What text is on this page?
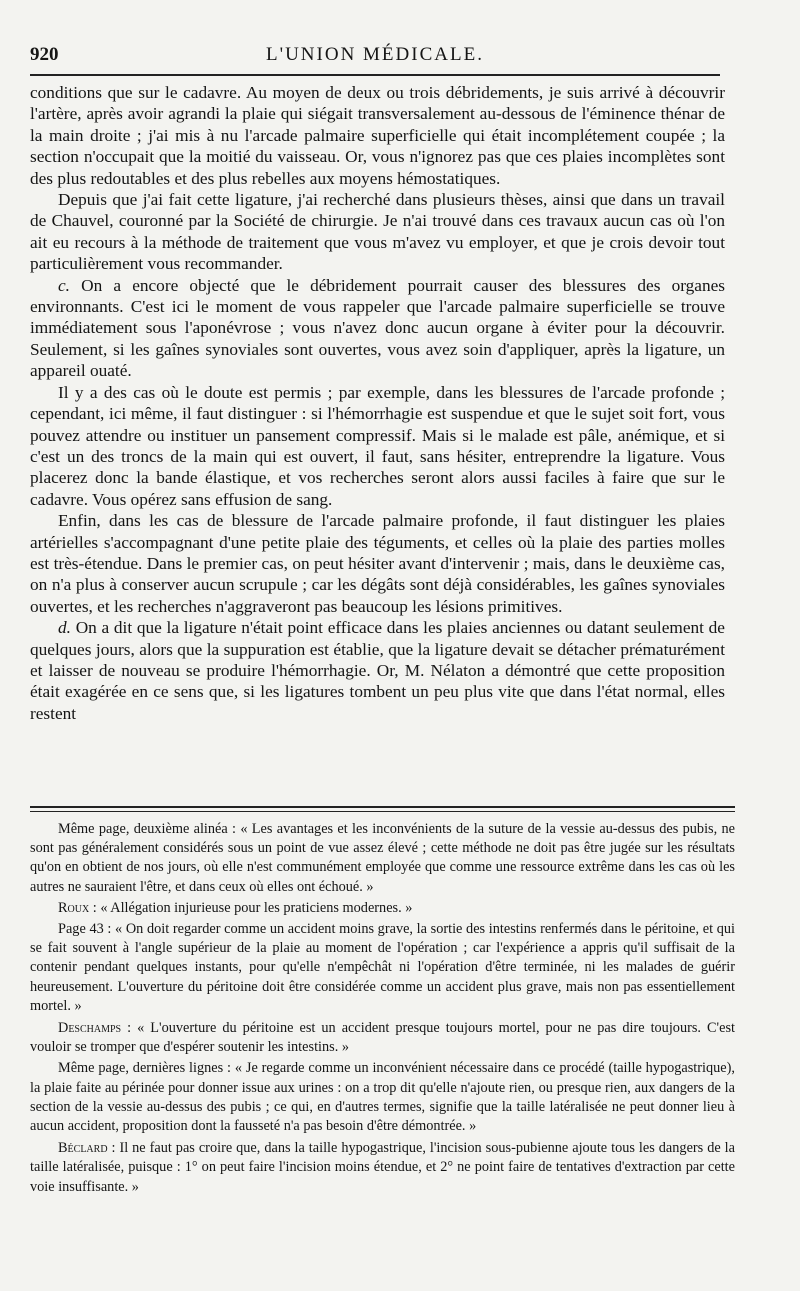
920	L'UNION MÉDICALE.

conditions que sur le cadavre. Au moyen de deux ou trois débridements, je suis arrivé à découvrir l'artère, après avoir agrandi la plaie qui siégait transversalement au-dessous de l'éminence thénar de la main droite ; j'ai mis à nu l'arcade palmaire superficielle qui était incomplétement coupée ; la section n'occupait que la moitié du vaisseau. Or, vous n'ignorez pas que ces plaies incomplètes sont des plus redoutables et des plus rebelles aux moyens hémostatiques.

Depuis que j'ai fait cette ligature, j'ai recherché dans plusieurs thèses, ainsi que dans un travail de Chauvel, couronné par la Société de chirurgie. Je n'ai trouvé dans ces travaux aucun cas où l'on ait eu recours à la méthode de traitement que vous m'avez vu employer, et que je crois devoir tout particulièrement vous recommander.

c. On a encore objecté que le débridement pourrait causer des blessures des organes environnants. C'est ici le moment de vous rappeler que l'arcade palmaire superficielle se trouve immédiatement sous l'aponévrose ; vous n'avez donc aucun organe à éviter pour la découvrir. Seulement, si les gaînes synoviales sont ouvertes, vous avez soin d'appliquer, après la ligature, un appareil ouaté.

Il y a des cas où le doute est permis ; par exemple, dans les blessures de l'arcade profonde ; cependant, ici même, il faut distinguer : si l'hémorrhagie est suspendue et que le sujet soit fort, vous pouvez attendre ou instituer un pansement compressif. Mais si le malade est pâle, anémique, et si c'est un des troncs de la main qui est ouvert, il faut, sans hésiter, entreprendre la ligature. Vous placerez donc la bande élastique, et vos recherches seront alors aussi faciles à faire que sur le cadavre. Vous opérez sans effusion de sang.

Enfin, dans les cas de blessure de l'arcade palmaire profonde, il faut distinguer les plaies artérielles s'accompagnant d'une petite plaie des téguments, et celles où la plaie des parties molles est très-étendue. Dans le premier cas, on peut hésiter avant d'intervenir ; mais, dans le deuxième cas, on n'a plus à conserver aucun scrupule ; car les dégâts sont déjà considérables, les gaînes synoviales ouvertes, et les recherches n'aggraveront pas beaucoup les lésions primitives.

d. On a dit que la ligature n'était point efficace dans les plaies anciennes ou datant seulement de quelques jours, alors que la suppuration est établie, que la ligature devait se détacher prématurément et laisser de nouveau se produire l'hémorrhagie. Or, M. Nélaton a démontré que cette proposition était exagérée en ce sens que, si les ligatures tombent un peu plus vite que dans l'état normal, elles restent

Même page, deuxième alinéa : « Les avantages et les inconvénients de la suture de la vessie au-dessus des pubis, ne sont pas généralement considérés sous un point de vue assez élevé ; cette méthode ne doit pas être jugée sur les résultats qu'on en obtient de nos jours, où elle n'est communément employée que comme une ressource extrême dans les cas où les autres ne sauraient l'être, et dans ceux où elles ont échoué. »

Roux : « Allégation injurieuse pour les praticiens modernes. »

Page 43 : « On doit regarder comme un accident moins grave, la sortie des intestins renfermés dans le péritoine, et qui se fait souvent à l'angle supérieur de la plaie au moment de l'opération ; car l'expérience a appris qu'il suffisait de la contenir pendant quelques instants, pour qu'elle n'empêchât ni l'opération d'être terminée, ni les malades de guérir heureusement. L'ouverture du péritoine doit être considérée comme un accident plus grave, mais non pas essentiellement mortel. »

Deschamps : « L'ouverture du péritoine est un accident presque toujours mortel, pour ne pas dire toujours. C'est vouloir se tromper que d'espérer soutenir les intestins. »

Même page, dernières lignes : « Je regarde comme un inconvénient nécessaire dans ce procédé (taille hypogastrique), la plaie faite au périnée pour donner issue aux urines : on a trop dit qu'elle n'ajoute rien, ou presque rien, aux dangers de la section de la vessie au-dessus des pubis ; ce qui, en d'autres termes, signifie que la taille latéralisée ne peut donner lieu à aucun accident, proposition dont la fausseté n'a pas besoin d'être démontrée. »

Béclard : Il ne faut pas croire que, dans la taille hypogastrique, l'incision sous-pubienne ajoute tous les dangers de la taille latéralisée, puisque : 1° on peut faire l'incision moins étendue, et 2° ne point faire de tentatives d'extraction par cette voie insuffisante. »
